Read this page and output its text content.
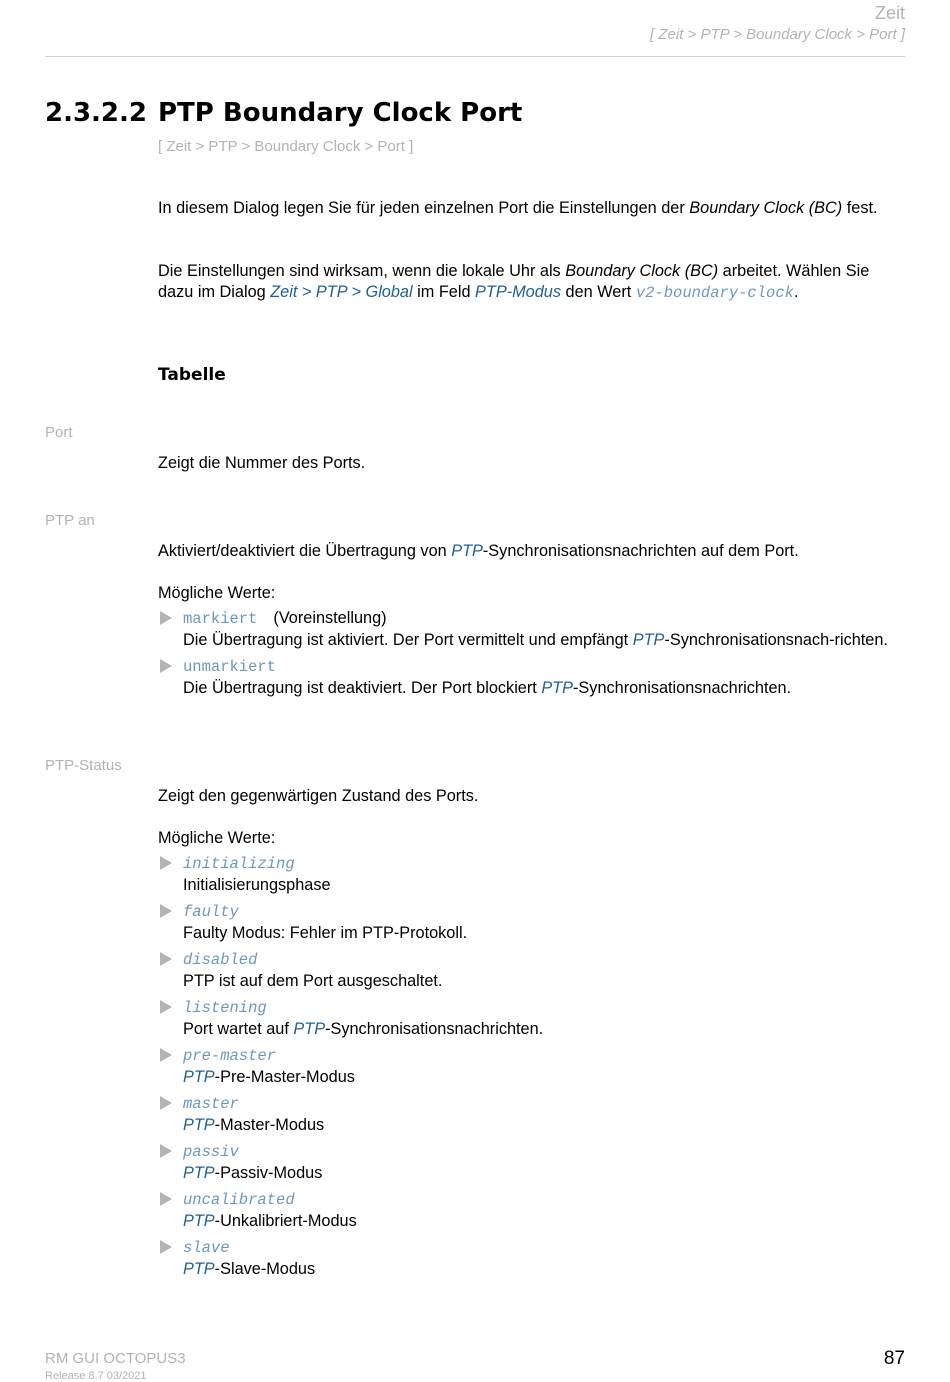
Zeit
[ Zeit > PTP > Boundary Clock > Port ]
2.3.2.2 PTP Boundary Clock Port
[ Zeit > PTP > Boundary Clock > Port ]

In diesem Dialog legen Sie für jeden einzelnen Port die Einstellungen der Boundary Clock (BC) fest.

Die Einstellungen sind wirksam, wenn die lokale Uhr als Boundary Clock (BC) arbeitet. Wählen Sie dazu im Dialog Zeit > PTP > Global im Feld PTP-Modus den Wert v2-boundary-clock.

Tabelle
Port

Zeigt die Nummer des Ports.

PTP an

Aktiviert/deaktiviert die Übertragung von PTP-Synchronisationsnachrichten auf dem Port.

Mögliche Werte:

markiert (Voreinstellung)
Die Übertragung ist aktiviert. Der Port vermittelt und empfängt PTP-Synchronisationsnach-richten.
unmarkiert
Die Übertragung ist deaktiviert. Der Port blockiert PTP-Synchronisationsnachrichten.
PTP-Status

Zeigt den gegenwärtigen Zustand des Ports.

Mögliche Werte:

initializing
Initialisierungsphase
faulty
Faulty Modus: Fehler im PTP-Protokoll.
disabled
PTP ist auf dem Port ausgeschaltet.
listening
Port wartet auf PTP-Synchronisationsnachrichten.
pre-master
PTP-Pre-Master-Modus
master
PTP-Master-Modus
passiv
PTP-Passiv-Modus
uncalibrated
PTP-Unkalibriert-Modus
slave
PTP-Slave-Modus
RM GUI OCTOPUS3
Release 8.7 03/2021
87
